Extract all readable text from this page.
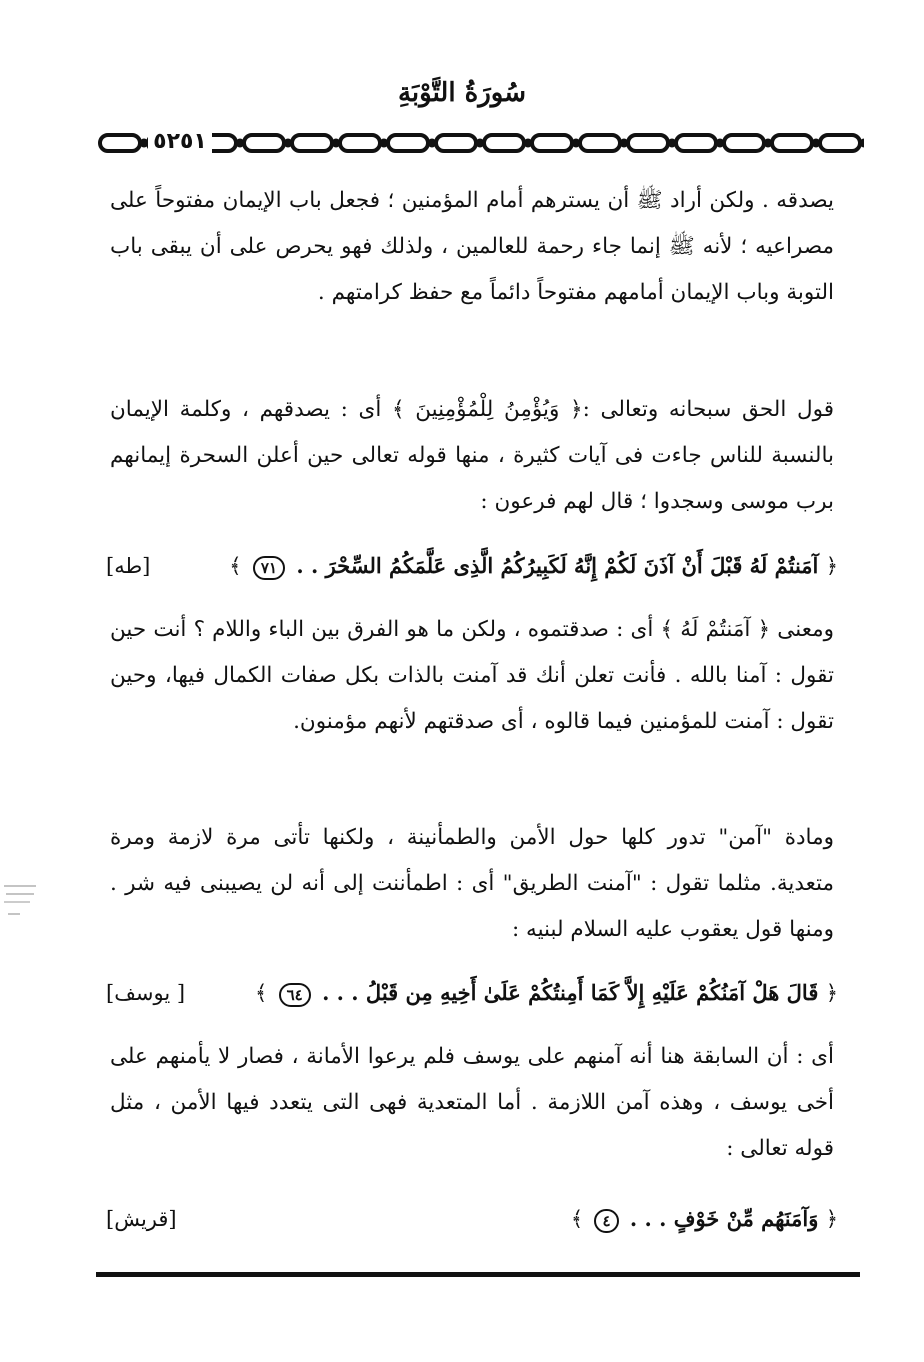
سُورَةُ التَّوْبَةِ
٥٢٥١
يصدقه . ولكن أراد ﷺ أن يسترهم أمام المؤمنين ؛ فجعل باب الإيمان مفتوحاً على مصراعيه ؛ لأنه ﷺ إنما جاء رحمة للعالمين ، ولذلك فهو يحرص على أن يبقى باب التوبة وباب الإيمان أمامهم مفتوحاً دائماً مع حفظ كرامتهم .
قول الحق سبحانه وتعالى :﴿ وَيُؤْمِنُ لِلْمُؤْمِنِينَ ﴾ أى : يصدقهم ، وكلمة الإيمان بالنسبة للناس جاءت فى آيات كثيرة ، منها قوله تعالى حين أعلن السحرة إيمانهم برب موسى وسجدوا ؛ قال لهم فرعون :
﴿ آمَنتُمْ لَهُ قَبْلَ أَنْ آذَنَ لَكُمْ إِنَّهُ لَكَبِيرُكُمُ الَّذِى عَلَّمَكُمُ السِّحْرَ . . ٧١ ﴾
[طه]
ومعنى ﴿ آمَنتُمْ لَهُ ﴾ أى : صدقتموه ، ولكن ما هو الفرق بين الباء واللام ؟ أنت حين تقول : آمنا بالله . فأنت تعلن أنك قد آمنت بالذات بكل صفات الكمال فيها، وحين تقول : آمنت للمؤمنين فيما قالوه ، أى صدقتهم لأنهم مؤمنون.
ومادة "آمن" تدور كلها حول الأمن والطمأنينة ، ولكنها تأتى مرة لازمة ومرة متعدية. مثلما تقول : "آمنت الطريق" أى : اطمأننت إلى أنه لن يصيبنى فيه شر . ومنها قول يعقوب عليه السلام لبنيه :
﴿ قَالَ هَلْ آمَنُكُمْ عَلَيْهِ إِلاَّ كَمَا أَمِنتُكُمْ عَلَىٰ أَخِيهِ مِن قَبْلُ . . . ٦٤ ﴾
[ يوسف]
أى : أن السابقة هنا أنه آمنهم على يوسف فلم يرعوا الأمانة ، فصار لا يأمنهم على أخى يوسف ، وهذه آمن اللازمة . أما المتعدية فهى التى يتعدد فيها الأمن ، مثل قوله تعالى :
﴿ وَآمَنَهُم مِّنْ خَوْفٍ . . . ٤ ﴾
[قريش]
